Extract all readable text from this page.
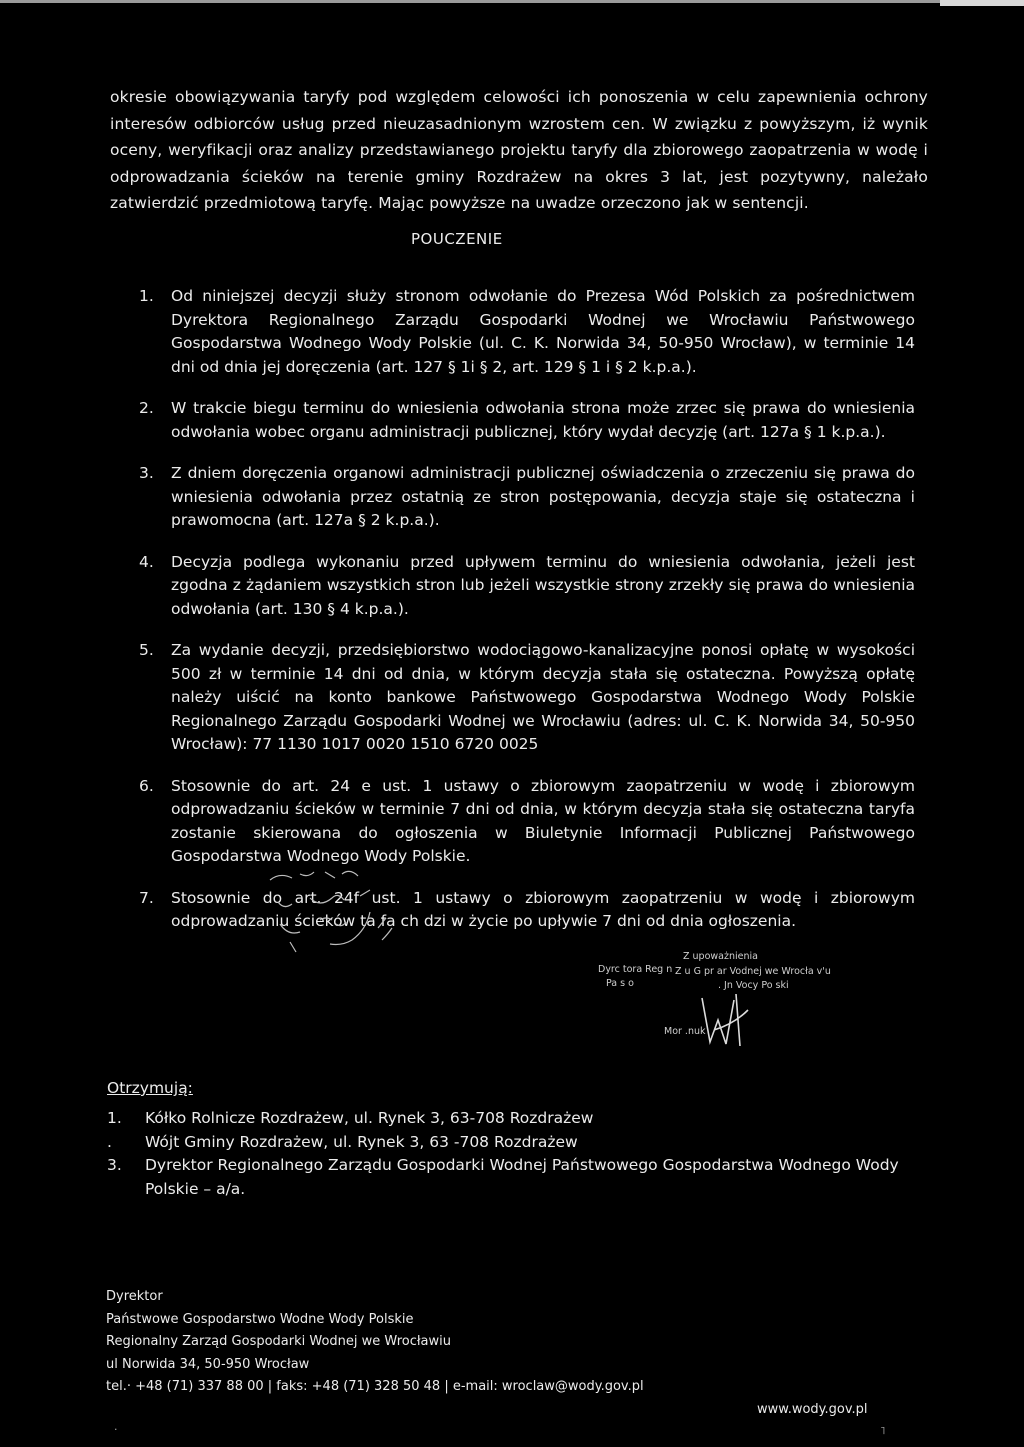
okresie obowiązywania taryfy pod względem celowości ich ponoszenia w celu zapewnienia ochrony interesów odbiorców usług przed nieuzasadnionym wzrostem cen. W związku z powyższym, iż wynik oceny, weryfikacji oraz analizy przedstawianego projektu taryfy dla zbiorowego zaopatrzenia w wodę i odprowadzania ścieków na terenie gminy Rozdrażew na okres 3 lat, jest pozytywny, należało zatwierdzić przedmiotową taryfę. Mając powyższe na uwadze orzeczono jak w sentencji.

POUCZENIE
1.	Od niniejszej decyzji służy stronom odwołanie do Prezesa Wód Polskich za pośrednictwem Dyrektora Regionalnego Zarządu Gospodarki Wodnej we Wrocławiu Państwowego Gospodarstwa Wodnego Wody Polskie (ul. C. K. Norwida 34, 50-950 Wrocław), w terminie 14 dni od dnia jej doręczenia (art. 127 § 1i § 2, art. 129 § 1 i § 2 k.p.a.).
2.	W trakcie biegu terminu do wniesienia odwołania strona może zrzec się prawa do wniesienia odwołania wobec organu administracji publicznej, który wydał decyzję (art. 127a § 1 k.p.a.).
3.	Z dniem doręczenia organowi administracji publicznej oświadczenia o zrzeczeniu się prawa do wniesienia odwołania przez ostatnią ze stron postępowania, decyzja staje się ostateczna i prawomocna (art. 127a § 2 k.p.a.).
4.	Decyzja podlega wykonaniu przed upływem terminu do wniesienia odwołania, jeżeli jest zgodna z żądaniem wszystkich stron lub jeżeli wszystkie strony zrzekły się prawa do wniesienia odwołania (art. 130 § 4 k.p.a.).
5.	Za wydanie decyzji, przedsiębiorstwo wodociągowo-kanalizacyjne ponosi opłatę w wysokości 500 zł w terminie 14 dni od dnia, w którym decyzja stała się ostateczna. Powyższą opłatę należy uiścić na konto bankowe Państwowego Gospodarstwa Wodnego Wody Polskie Regionalnego Zarządu Gospodarki Wodnej we Wrocławiu (adres: ul. C. K. Norwida 34, 50-950 Wrocław): 77 1130 1017 0020 1510 6720 0025
6.	Stosownie do art. 24 e ust. 1 ustawy o zbiorowym zaopatrzeniu w wodę i zbiorowym odprowadzaniu ścieków w terminie 7 dni od dnia, w którym decyzja stała się ostateczna taryfa zostanie skierowana do ogłoszenia w Biuletynie Informacji Publicznej Państwowego Gospodarstwa Wodnego Wody Polskie.
7.	Stosownie do art. 24f ust. 1 ustawy o zbiorowym zaopatrzeniu w wodę i zbiorowym odprowadzaniu ścieków ta fa ch dzi w życie po upływie 7 dni od dnia ogłoszenia.
Dyrc tora Reg n
Pa s o
Z upoważnienia
Z u G pr ar Vodnej we Wrocła v'u
. Jn Vocy Po ski
Mor .nuk
Otrzymują:
1.	Kółko Rolnicze Rozdrażew, ul. Rynek 3, 63-708 Rozdrażew
.	Wójt Gminy Rozdrażew, ul. Rynek 3, 63 -708 Rozdrażew
3.	Dyrektor Regionalnego Zarządu Gospodarki Wodnej Państwowego Gospodarstwa Wodnego Wody Polskie – a/a.
Dyrektor
Państwowe Gospodarstwo Wodne Wody Polskie
Regionalny Zarząd Gospodarki Wodnej we Wrocławiu
ul Norwida 34, 50-950 Wrocław
tel.· +48 (71) 337 88 00 | faks: +48 (71) 328 50 48 | e-mail: wroclaw@wody.gov.pl
www.wody.gov.pl
.	˥
